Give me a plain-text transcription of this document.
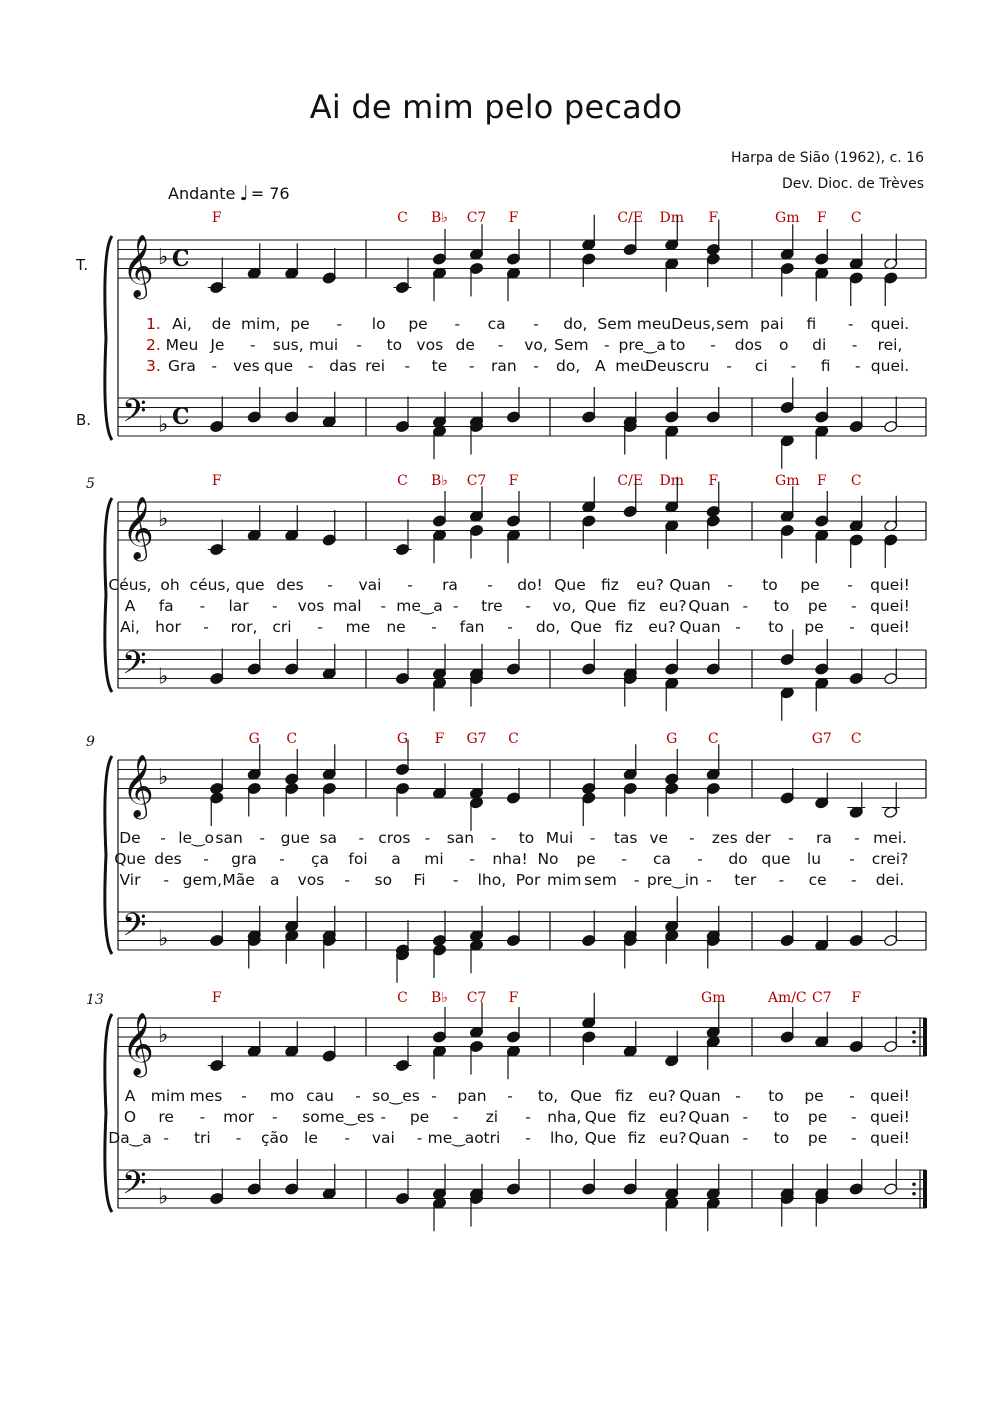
Ai de mim pelo pecado
Harpa de Sião (1962), c. 16
Dev. Dioc. de Trèves
Andante ♩ = 76
T.
B.
𝄞
𝄢
♭
♭
C
C
F	C B♭ C7 F	C/E Dm F	Gm F C
1.
2.
3.
Ai, de mim, pe - lo pe - ca - do, Sem meu Deus, sem pai fi - quei.
Meu Je - sus, mui - to vos de - vo, Sem - pre‿a to - dos o di - rei,
Gra - ves que - das rei - te - ran - do, A meu
Deus cru - ci - fi - quei.
𝄞
𝄢
♭
♭
5	F	C B♭ C7 F	C/E Dm F	Gm F C
Céus, oh céus, que des - vai - ra - do! Que fiz eu? Quan - to pe - quei!
A fa - lar - vos mal - me‿a - tre - vo, Que fiz eu? Quan - to pe - quei!
Ai, hor - ror, cri - me ne - fan - do, Que fiz eu? Quan - to pe - quei!
𝄞
𝄢
♭
♭
9	G C	G F G7 C	G C	G7 C
De - le‿o san - gue sa - cros - san - to Mui - tas ve - zes der - ra - mei.
Que des - gra - ça foi a mi - nha! No pe - ca - do que lu - crei?
Vir - gem, Mãe a vos - so Fi - lho, Por mim sem - pre‿in - ter - ce - dei.
𝄞
𝄢
♭
♭
13	F	C B♭ C7 F	Gm	Am/C C7 F
A mim mes - mo cau - so‿es - pan - to, Que fiz eu? Quan - to pe - quei!
O re - mor - so me‿es - pe - zi - nha, Que fiz eu? Quan - to pe - quei!
Da‿a - tri - ção le - vai - me‿ao tri - lho, Que fiz eu? Quan - to pe - quei!
